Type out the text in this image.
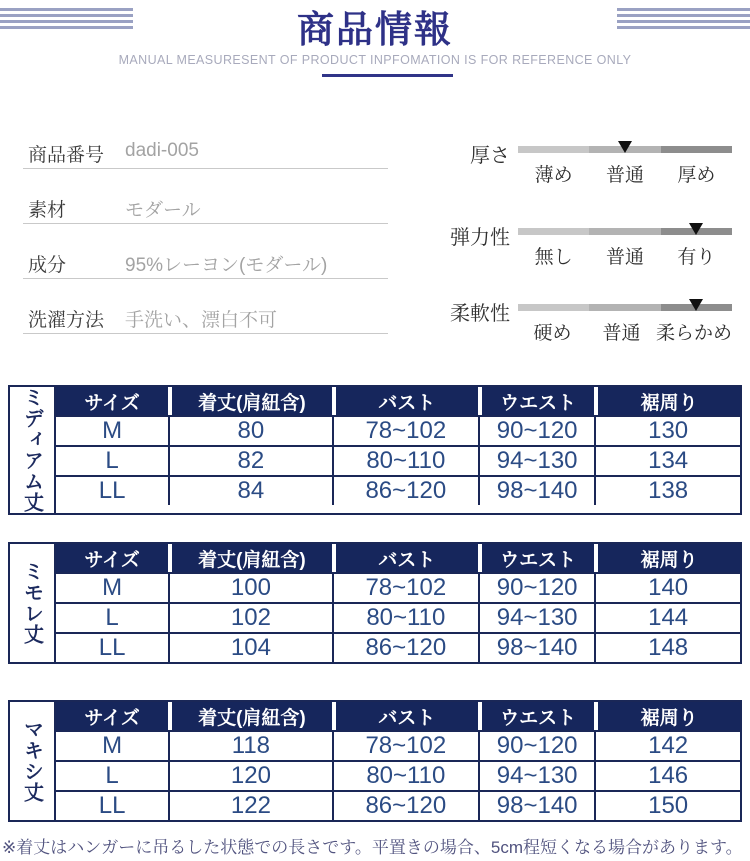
商品情報
MANUAL MEASURESENT OF PRODUCT INPFOMATION IS FOR REFERENCE ONLY
商品番号	dadi-005
素材	モダール
成分	95%レーヨン(モダール)
洗濯方法	手洗い、漂白不可
厚さ
薄め	普通	厚め
弾力性
無し	普通	有り
柔軟性
硬め	普通 柔らかめ
ミディアム丈	サイズ	着丈(肩紐含)	バスト	ウエスト	裾周り
M	80	78~102	90~120	130
L	82	80~110	94~130	134
LL	84	86~120	98~140	138
ミモレ丈
サイズ	着丈(肩紐含)	バスト	ウエスト	裾周り
M	100	78~102	90~120	140
L	102	80~110	94~130	144
LL	104	86~120	98~140	148
マキシ丈
サイズ	着丈(肩紐含)	バスト	ウエスト	裾周り
M	118	78~102	90~120	142
L	120	80~110	94~130	146
LL	122	86~120	98~140	150
※着丈はハンガーに吊るした状態での長さです。平置きの場合、5cm程短くなる場合があります。
